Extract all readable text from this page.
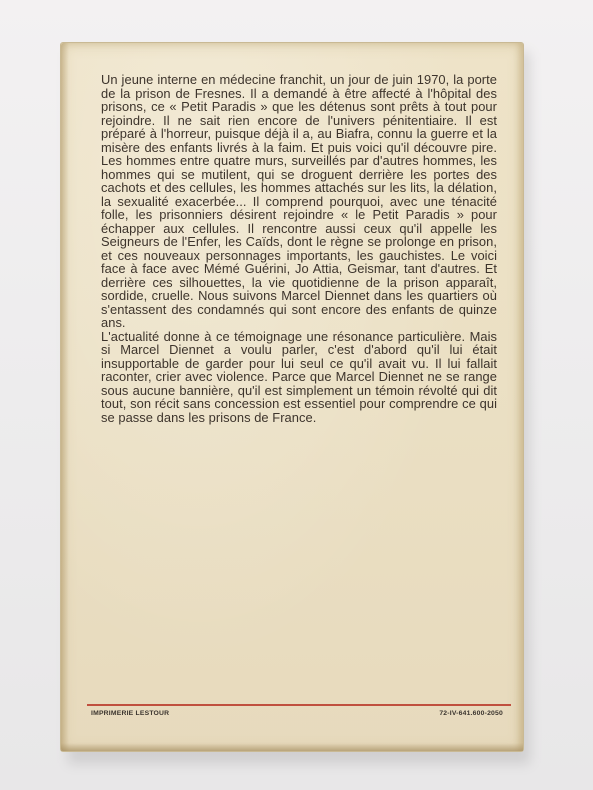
Un jeune interne en médecine franchit, un jour de juin 1970, la porte de la prison de Fresnes. Il a demandé à être affecté à l'hôpital des prisons, ce « Petit Paradis » que les détenus sont prêts à tout pour rejoindre. Il ne sait rien encore de l'univers pénitentiaire. Il est préparé à l'horreur, puisque déjà il a, au Biafra, connu la guerre et la misère des enfants livrés à la faim. Et puis voici qu'il découvre pire. Les hommes entre quatre murs, surveillés par d'autres hommes, les hommes qui se mutilent, qui se droguent derrière les portes des cachots et des cellules, les hommes attachés sur les lits, la délation, la sexualité exacerbée... Il comprend pourquoi, avec une ténacité folle, les prisonniers désirent rejoindre « le Petit Paradis » pour échapper aux cellules. Il rencontre aussi ceux qu'il appelle les Seigneurs de l'Enfer, les Caïds, dont le règne se prolonge en prison, et ces nouveaux personnages importants, les gauchistes. Le voici face à face avec Mémé Guérini, Jo Attia, Geismar, tant d'autres. Et derrière ces silhouettes, la vie quotidienne de la prison apparaît, sordide, cruelle. Nous suivons Marcel Diennet dans les quartiers où s'entassent des condamnés qui sont encore des enfants de quinze ans.

L'actualité donne à ce témoignage une résonance particulière. Mais si Marcel Diennet a voulu parler, c'est d'abord qu'il lui était insupportable de garder pour lui seul ce qu'il avait vu. Il lui fallait raconter, crier avec violence. Parce que Marcel Diennet ne se range sous aucune bannière, qu'il est simplement un témoin révolté qui dit tout, son récit sans concession est essentiel pour comprendre ce qui se passe dans les prisons de France.

IMPRIMERIE LESTOUR	72-IV-641.600-2050
